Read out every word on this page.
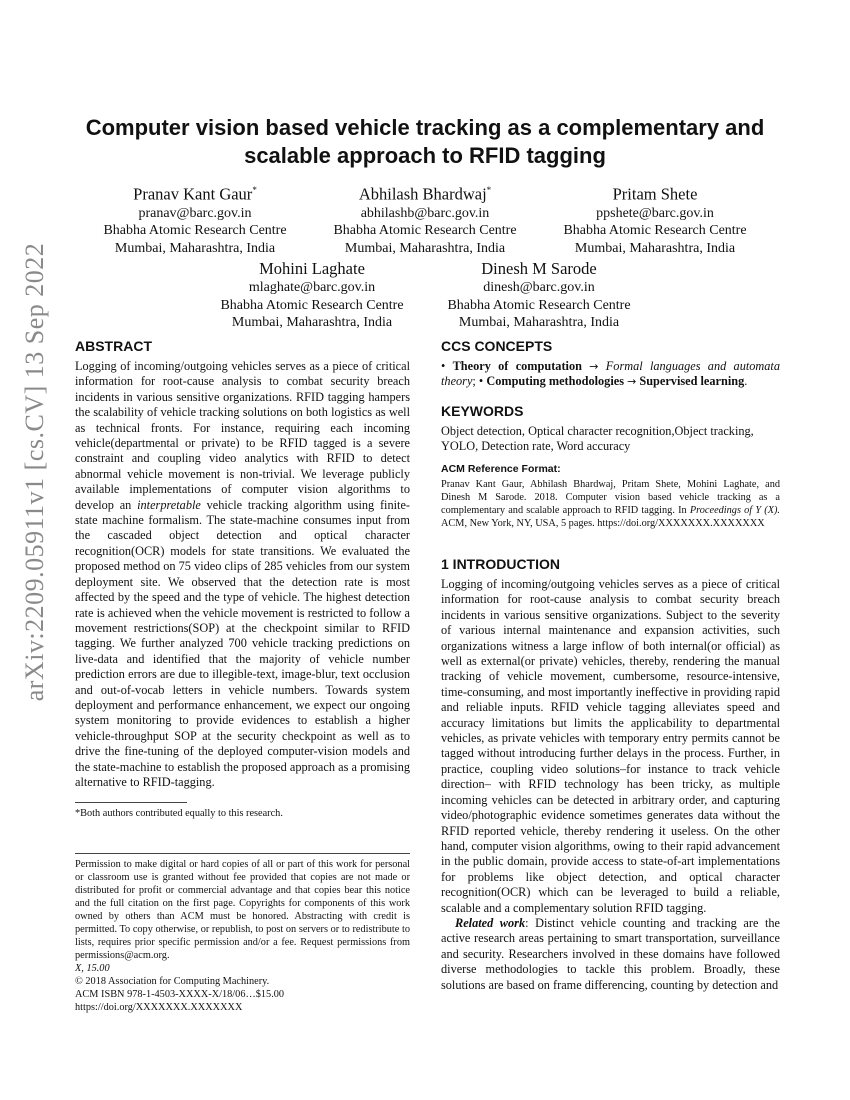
arXiv:2209.05911v1 [cs.CV] 13 Sep 2022
Computer vision based vehicle tracking as a complementary and scalable approach to RFID tagging
Pranav Kant Gaur*
pranav@barc.gov.in
Bhabha Atomic Research Centre
Mumbai, Maharashtra, India
Abhilash Bhardwaj*
abhilashb@barc.gov.in
Bhabha Atomic Research Centre
Mumbai, Maharashtra, India
Pritam Shete
ppshete@barc.gov.in
Bhabha Atomic Research Centre
Mumbai, Maharashtra, India
Mohini Laghate
mlaghate@barc.gov.in
Bhabha Atomic Research Centre
Mumbai, Maharashtra, India
Dinesh M Sarode
dinesh@barc.gov.in
Bhabha Atomic Research Centre
Mumbai, Maharashtra, India
ABSTRACT

Logging of incoming/outgoing vehicles serves as a piece of critical information for root-cause analysis to combat security breach incidents in various sensitive organizations. RFID tagging hampers the scalability of vehicle tracking solutions on both logistics as well as technical fronts. For instance, requiring each incoming vehicle(departmental or private) to be RFID tagged is a severe constraint and coupling video analytics with RFID to detect abnormal vehicle movement is non-trivial. We leverage publicly available implementations of computer vision algorithms to develop an interpretable vehicle tracking algorithm using finite-state machine formalism. The state-machine consumes input from the cascaded object detection and optical character recognition(OCR) models for state transitions. We evaluated the proposed method on 75 video clips of 285 vehicles from our system deployment site. We observed that the detection rate is most affected by the speed and the type of vehicle. The highest detection rate is achieved when the vehicle movement is restricted to follow a movement restrictions(SOP) at the checkpoint similar to RFID tagging. We further analyzed 700 vehicle tracking predictions on live-data and identified that the majority of vehicle number prediction errors are due to illegible-text, image-blur, text occlusion and out-of-vocab letters in vehicle numbers. Towards system deployment and performance enhancement, we expect our ongoing system monitoring to provide evidences to establish a higher vehicle-throughput SOP at the security checkpoint as well as to drive the fine-tuning of the deployed computer-vision models and the state-machine to establish the proposed approach as a promising alternative to RFID-tagging.

*Both authors contributed equally to this research.

Permission to make digital or hard copies of all or part of this work for personal or classroom use is granted without fee provided that copies are not made or distributed for profit or commercial advantage and that copies bear this notice and the full citation on the first page. Copyrights for components of this work owned by others than ACM must be honored. Abstracting with credit is permitted. To copy otherwise, or republish, to post on servers or to redistribute to lists, requires prior specific permission and/or a fee. Request permissions from permissions@acm.org.

X, 15.00

© 2018 Association for Computing Machinery.

ACM ISBN 978-1-4503-XXXX-X/18/06…$15.00

https://doi.org/XXXXXXX.XXXXXXX

CCS CONCEPTS

• Theory of computation → Formal languages and automata theory; • Computing methodologies → Supervised learning.

KEYWORDS

Object detection, Optical character recognition,Object tracking, YOLO, Detection rate, Word accuracy

ACM Reference Format:

Pranav Kant Gaur, Abhilash Bhardwaj, Pritam Shete, Mohini Laghate, and Dinesh M Sarode. 2018. Computer vision based vehicle tracking as a complementary and scalable approach to RFID tagging. In Proceedings of Y (X). ACM, New York, NY, USA, 5 pages. https://doi.org/XXXXXXX.XXXXXXX

1 INTRODUCTION

Logging of incoming/outgoing vehicles serves as a piece of critical information for root-cause analysis to combat security breach incidents in various sensitive organizations. Subject to the severity of various internal maintenance and expansion activities, such organizations witness a large inflow of both internal(or official) as well as external(or private) vehicles, thereby, rendering the manual tracking of vehicle movement, cumbersome, resource-intensive, time-consuming, and most importantly ineffective in providing rapid and reliable inputs. RFID vehicle tagging alleviates speed and accuracy limitations but limits the applicability to departmental vehicles, as private vehicles with temporary entry permits cannot be tagged without introducing further delays in the process. Further, in practice, coupling video solutions–for instance to track vehicle direction– with RFID technology has been tricky, as multiple incoming vehicles can be detected in arbitrary order, and capturing video/photographic evidence sometimes generates data without the RFID reported vehicle, thereby rendering it useless. On the other hand, computer vision algorithms, owing to their rapid advancement in the public domain, provide access to state-of-art implementations for problems like object detection, and optical character recognition(OCR) which can be leveraged to build a reliable, scalable and a complementary solution RFID tagging.

Related work: Distinct vehicle counting and tracking are the active research areas pertaining to smart transportation, surveillance and security. Researchers involved in these domains have followed diverse methodologies to tackle this problem. Broadly, these solutions are based on frame differencing, counting by detection and
